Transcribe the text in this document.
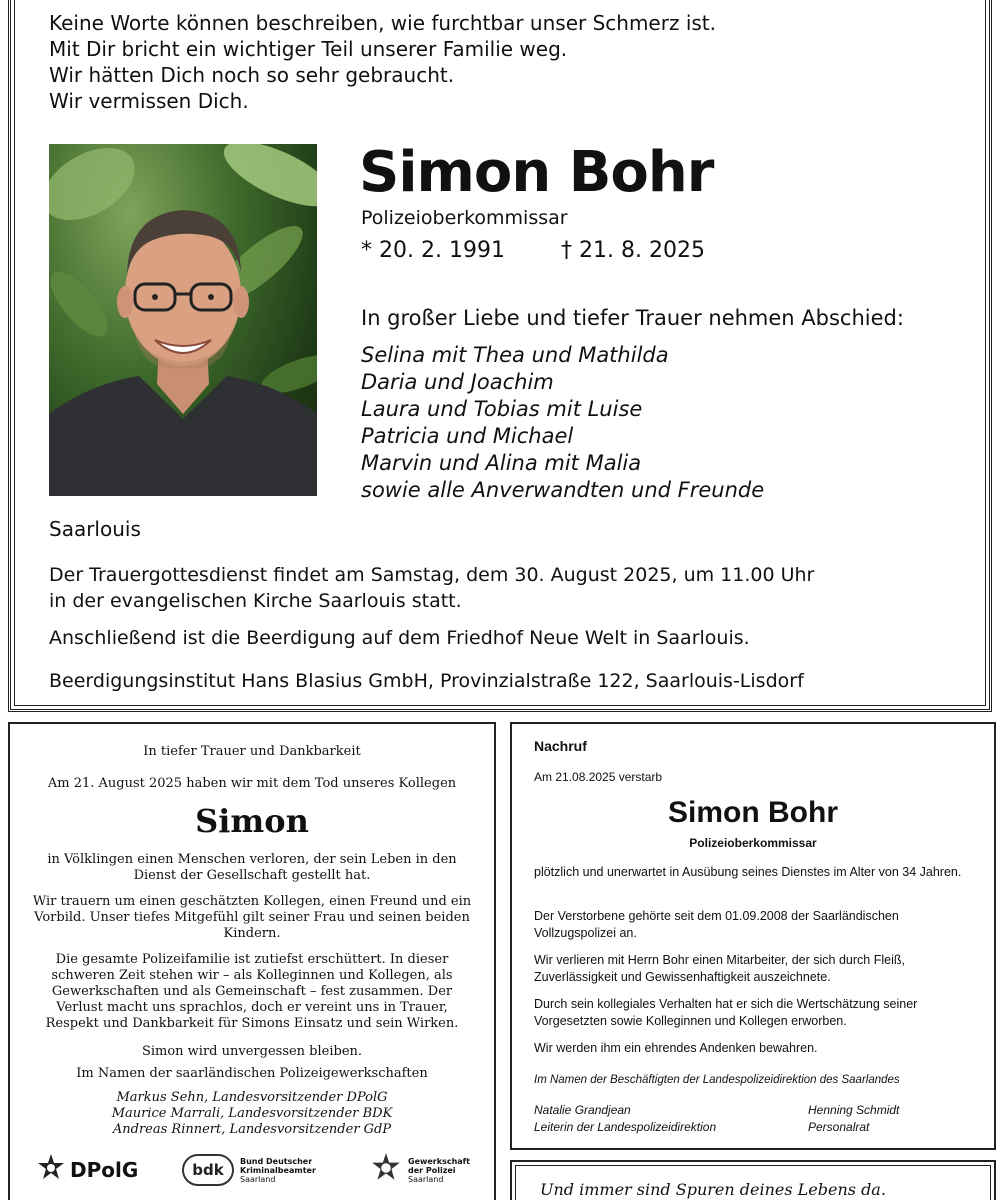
Keine Worte können beschreiben, wie furchtbar unser Schmerz ist.
Mit Dir bricht ein wichtiger Teil unserer Familie weg.
Wir hätten Dich noch so sehr gebraucht.
Wir vermissen Dich.
Simon Bohr
Polizeioberkommissar
* 20. 2. 1991	† 21. 8. 2025
In großer Liebe und tiefer Trauer nehmen Abschied:
Selina mit Thea und Mathilda
Daria und Joachim
Laura und Tobias mit Luise
Patricia und Michael
Marvin und Alina mit Malia
sowie alle Anverwandten und Freunde
Saarlouis
Der Trauergottesdienst findet am Samstag, dem 30. August 2025, um 11.00 Uhr
in der evangelischen Kirche Saarlouis statt.
Anschließend ist die Beerdigung auf dem Friedhof Neue Welt in Saarlouis.
Beerdigungsinstitut Hans Blasius GmbH, Provinzialstraße 122, Saarlouis-Lisdorf
In tiefer Trauer und Dankbarkeit
Am 21. August 2025 haben wir mit dem Tod unseres Kollegen
Simon
in Völklingen einen Menschen verloren, der sein Leben in den Dienst der Gesellschaft gestellt hat.
Wir trauern um einen geschätzten Kollegen, einen Freund und ein Vorbild. Unser tiefes Mitgefühl gilt seiner Frau und seinen beiden Kindern.
Die gesamte Polizeifamilie ist zutiefst erschüttert. In dieser schweren Zeit stehen wir – als Kolleginnen und Kollegen, als Gewerkschaften und als Gemeinschaft – fest zusammen. Der Verlust macht uns sprachlos, doch er vereint uns in Trauer, Respekt und Dankbarkeit für Simons Einsatz und sein Wirken.
Simon wird unvergessen bleiben.
Im Namen der saarländischen Polizeigewerkschaften
Markus Sehn, Landesvorsitzender DPolG
Maurice Marrali, Landesvorsitzender BDK
Andreas Rinnert, Landesvorsitzender GdP
DPolG	bdk	Bund Deutscher
Kriminalbeamter
Saarland
Gewerkschaft
der Polizei
Saarland
Nachruf
Am 21.08.2025 verstarb
Simon Bohr
Polizeioberkommissar
plötzlich und unerwartet in Ausübung seines Dienstes im Alter von 34 Jahren.
Der Verstorbene gehörte seit dem 01.09.2008 der Saarländischen Vollzugspolizei an.
Wir verlieren mit Herrn Bohr einen Mitarbeiter, der sich durch Fleiß, Zuverlässigkeit und Gewissenhaftigkeit auszeichnete.
Durch sein kollegiales Verhalten hat er sich die Wertschätzung seiner Vorgesetzten sowie Kolleginnen und Kollegen erworben.
Wir werden ihm ein ehrendes Andenken bewahren.
Im Namen der Beschäftigten der Landespolizeidirektion des Saarlandes
Natalie Grandjean
Leiterin der Landespolizeidirektion
Henning Schmidt
Personalrat
Und immer sind Spuren deines Lebens da.
